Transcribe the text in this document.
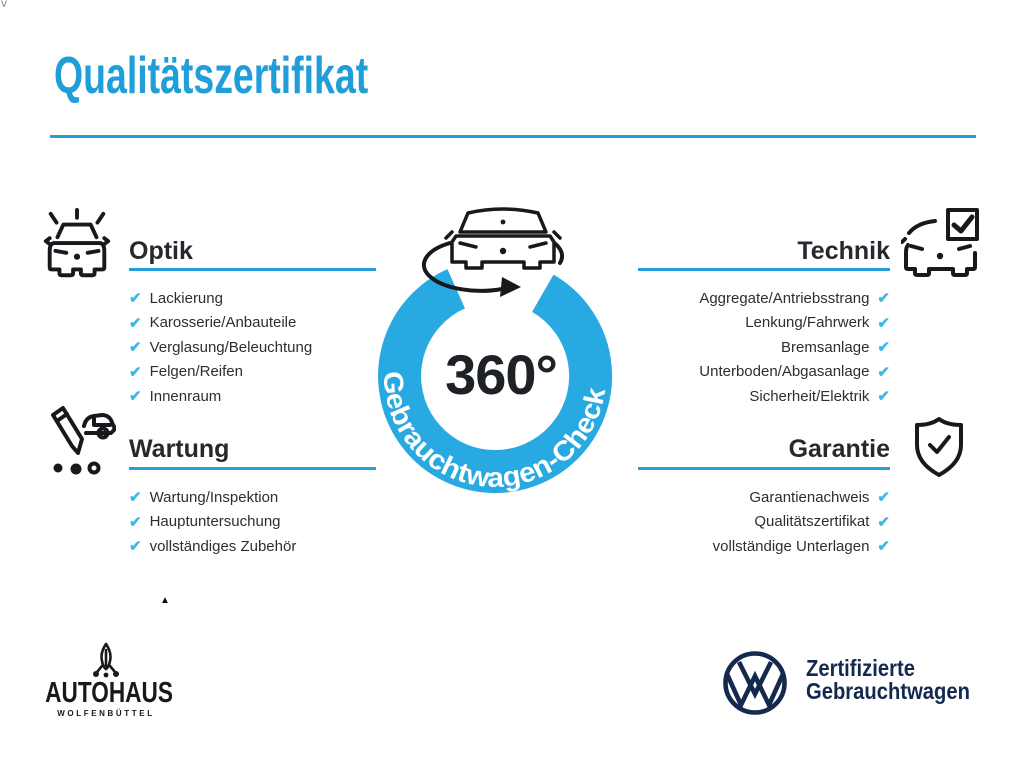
v
▲
Qualitätszertifikat
Optik
✔ Lackierung
✔ Karosserie/Anbauteile
✔ Verglasung/Beleuchtung
✔ Felgen/Reifen
✔ Innenraum
Technik
Aggregate/Antriebsstrang ✔
Lenkung/Fahrwerk ✔
Bremsanlage ✔
Unterboden/Abgasanlage ✔
Sicherheit/Elektrik ✔
Wartung
✔ Wartung/Inspektion
✔ Hauptuntersuchung
✔ vollständiges Zubehör
Garantie
Garantienachweis ✔
Qualitätszertifikat ✔
vollständige Unterlagen ✔
Gebrauchtwagen-Check
360°
AUTOHAUS
WOLFENBÜTTEL
Zertifizierte
Gebrauchtwagen
